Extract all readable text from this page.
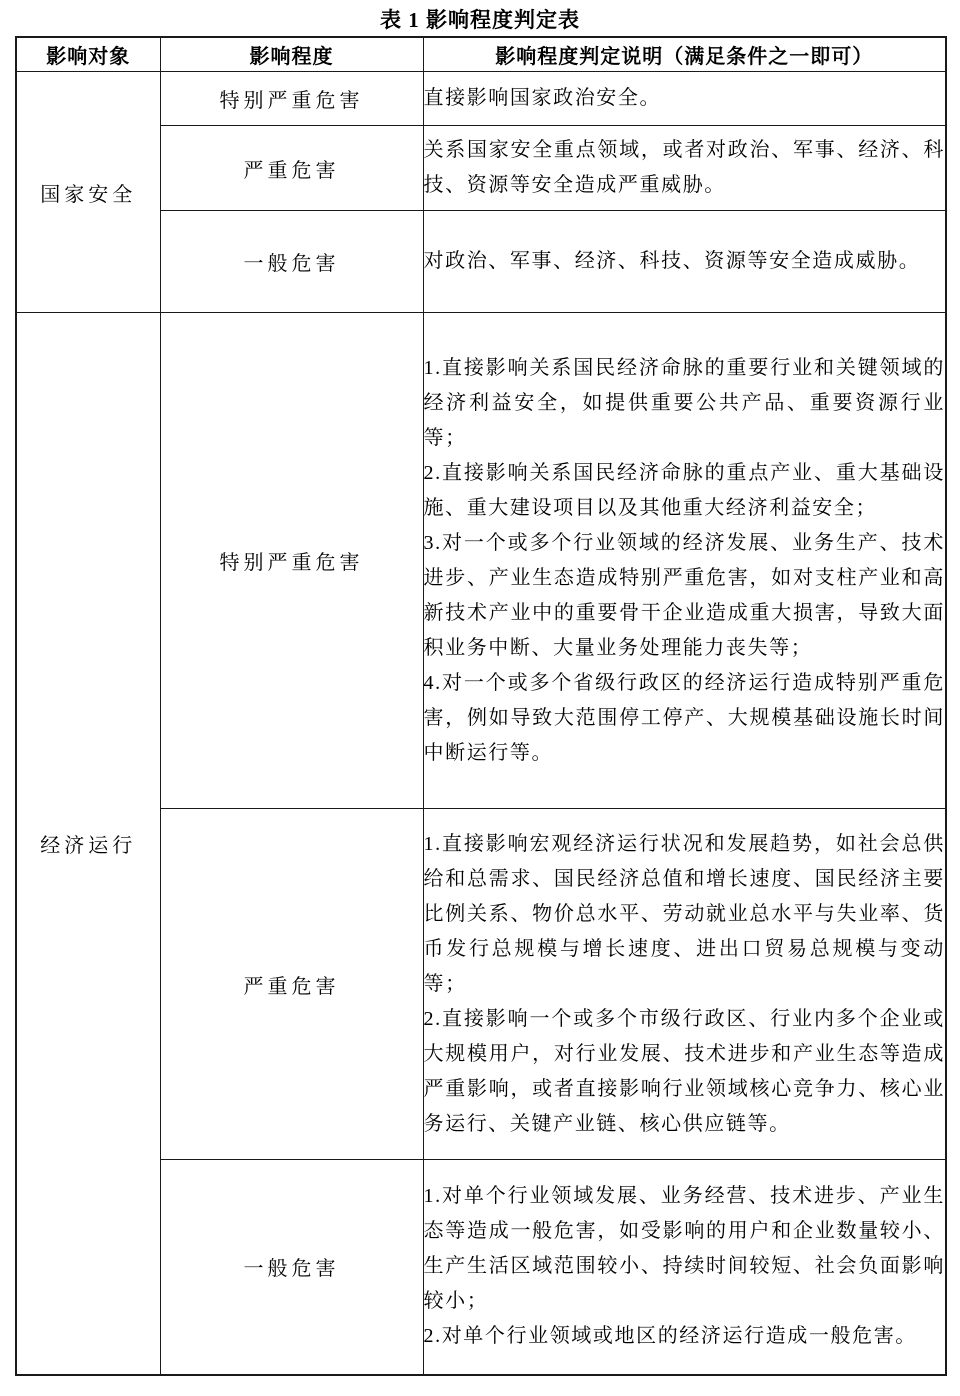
表 1 影响程度判定表
影响对象	影响程度	影响程度判定说明（满足条件之一即可）
国家安全	特别严重危害	直接影响国家政治安全。

	严重危害	关系国家安全重点领域，或者对政治、军事、经济、科技、资源等安全造成严重威胁。

	一般危害	对政治、军事、经济、科技、资源等安全造成威胁。

经济运行	特别严重危害	1.直接影响关系国民经济命脉的重要行业和关键领域的经济利益安全，如提供重要公共产品、重要资源行业等；
2.直接影响关系国民经济命脉的重点产业、重大基础设施、重大建设项目以及其他重大经济利益安全；
3.对一个或多个行业领域的经济发展、业务生产、技术进步、产业生态造成特别严重危害，如对支柱产业和高新技术产业中的重要骨干企业造成重大损害，导致大面积业务中断、大量业务处理能力丧失等；
4.对一个或多个省级行政区的经济运行造成特别严重危害，例如导致大范围停工停产、大规模基础设施长时间中断运行等。

	严重危害	1.直接影响宏观经济运行状况和发展趋势，如社会总供给和总需求、国民经济总值和增长速度、国民经济主要比例关系、物价总水平、劳动就业总水平与失业率、货币发行总规模与增长速度、进出口贸易总规模与变动等；
2.直接影响一个或多个市级行政区、行业内多个企业或大规模用户，对行业发展、技术进步和产业生态等造成严重影响，或者直接影响行业领域核心竞争力、核心业务运行、关键产业链、核心供应链等。

	一般危害	1.对单个行业领域发展、业务经营、技术进步、产业生态等造成一般危害，如受影响的用户和企业数量较小、生产生活区域范围较小、持续时间较短、社会负面影响较小；
2.对单个行业领域或地区的经济运行造成一般危害。
